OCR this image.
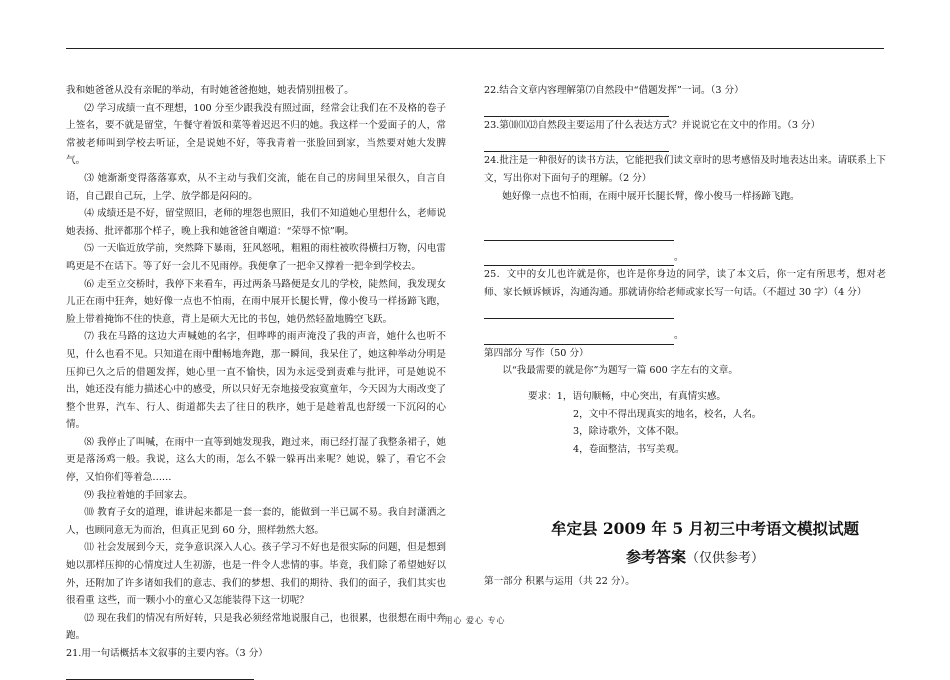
我和她爸爸从没有亲昵的举动，有时她爸爸抱她，她表情别扭极了。

⑵ 学习成绩一直不理想，100 分至少跟我没有照过面，经常会让我们在不及格的卷子上签名，要不就是留堂，午餐守着饭和菜等着迟迟不归的她。我这样一个爱面子的人，常常被老师叫到学校去听证，全是说她不好，等我青着一张脸回到家，当然要对她大发脾气。

⑶ 她渐渐变得落落寡欢，从不主动与我们交流，能在自己的房间里呆很久，自言自语，自己跟自己玩，上学、放学都是闷闷的。

⑷ 成绩还是不好，留堂照旧，老师的埋怨也照旧，我们不知道她心里想什么，老师说她表扬、批评都那个样子，晚上我和她爸爸自嘲道：“荣辱不惊”啊。

⑸ 一天临近放学前，突然降下暴雨，狂风怒吼，粗粗的雨柱被吹得横扫万物，闪电雷鸣更是不在话下。等了好一会儿不见雨停。我便拿了一把伞又撑着一把伞到学校去。

⑹ 走至立交桥时，我停下来看车，再过两条马路便是女儿的学校，陡然间，我发现女儿正在雨中狂奔，她好像一点也不怕雨，在雨中展开长腿长臂，像小俊马一样扬蹄飞跑，脸上带着掩饰不住的快意，背上是硕大无比的书包，她仍然轻盈地腾空飞跃。

⑺ 我在马路的这边大声喊她的名字，但哗哗的雨声淹没了我的声音，她什么也听不见，什么也看不见。只知道在雨中酣畅地奔跑，那一瞬间，我呆住了，她这种举动分明是压抑已久之后的借题发挥，她心里一直不愉快，因为永远受到责难与批评，可是她说不出，她还没有能力描述心中的感受，所以只好无奈地接受寂寞童年，今天因为大雨改变了整个世界，汽车、行人、街道都失去了往日的秩序，她于是趁着乱也舒缓一下沉闷的心情。

⑻ 我停止了叫喊，在雨中一直等到她发现我，跑过来，雨已经打湿了我整条裙子，她更是落汤鸡一般。我说，这么大的雨，怎么不躲一躲再出来呢？她说，躲了，看它不会停，又怕你们等着急……

⑼ 我拉着她的手回家去。

⑽ 教育子女的道理，谁讲起来都是一套一套的，能做到一半已属不易。我自封潇洒之人，也顾同意无为而治，但真正见到 60 分，照样勃然大怒。

⑾ 社会发展到今天，竞争意识深入人心。孩子学习不好也是很实际的问题，但是想到她以那样压抑的心情度过人生初游，也是一件令人悲情的事。毕竟，我们除了希望她好以外，还附加了许多诸如我们的意志、我们的梦想、我们的期待、我们的面子，我们其实也很看重 这些，而一颗小小的童心又怎能装得下这一切呢？

⑿ 现在我们的情况有所好转，只是我必须经常地说服自己，也很累，也很想在雨中奔跑。

21.用一句话概括本文叙事的主要内容。（3 分）

22.结合文章内容理解第⑺自然段中“借题发挥”一词。（3 分）

23.第⑽⑾⑿自然段主要运用了什么表达方式？并说说它在文中的作用。（3 分）

24.批注是一种很好的读书方法，它能把我们读文章时的思考感悟及时地表达出来。请联系上下文，写出你对下面句子的理解。（2 分）

她好像一点也不怕雨，在雨中展开长腿长臂，像小俊马一样扬蹄飞跑。

。

25．文中的女儿也许就是你，也许是你身边的同学，读了本文后，你一定有所思考，想对老师、家长倾诉倾诉，沟通沟通。那就请你给老师或家长写一句话。（不超过 30 字）（4 分）

。

第四部分 写作（50 分）

以“我最需要的就是你”为题写一篇 600 字左右的文章。

要求：1，语句顺畅，中心突出，有真情实感。

2，文中不得出现真实的地名，校名，人名。

3，除诗歌外，文体不限。

4，卷面整洁，书写美观。

牟定县 2009 年 5 月初三中考语文模拟试题

参考答案（仅供参考）

第一部分 积累与运用（共 22 分）。

用心 爱心 专心
